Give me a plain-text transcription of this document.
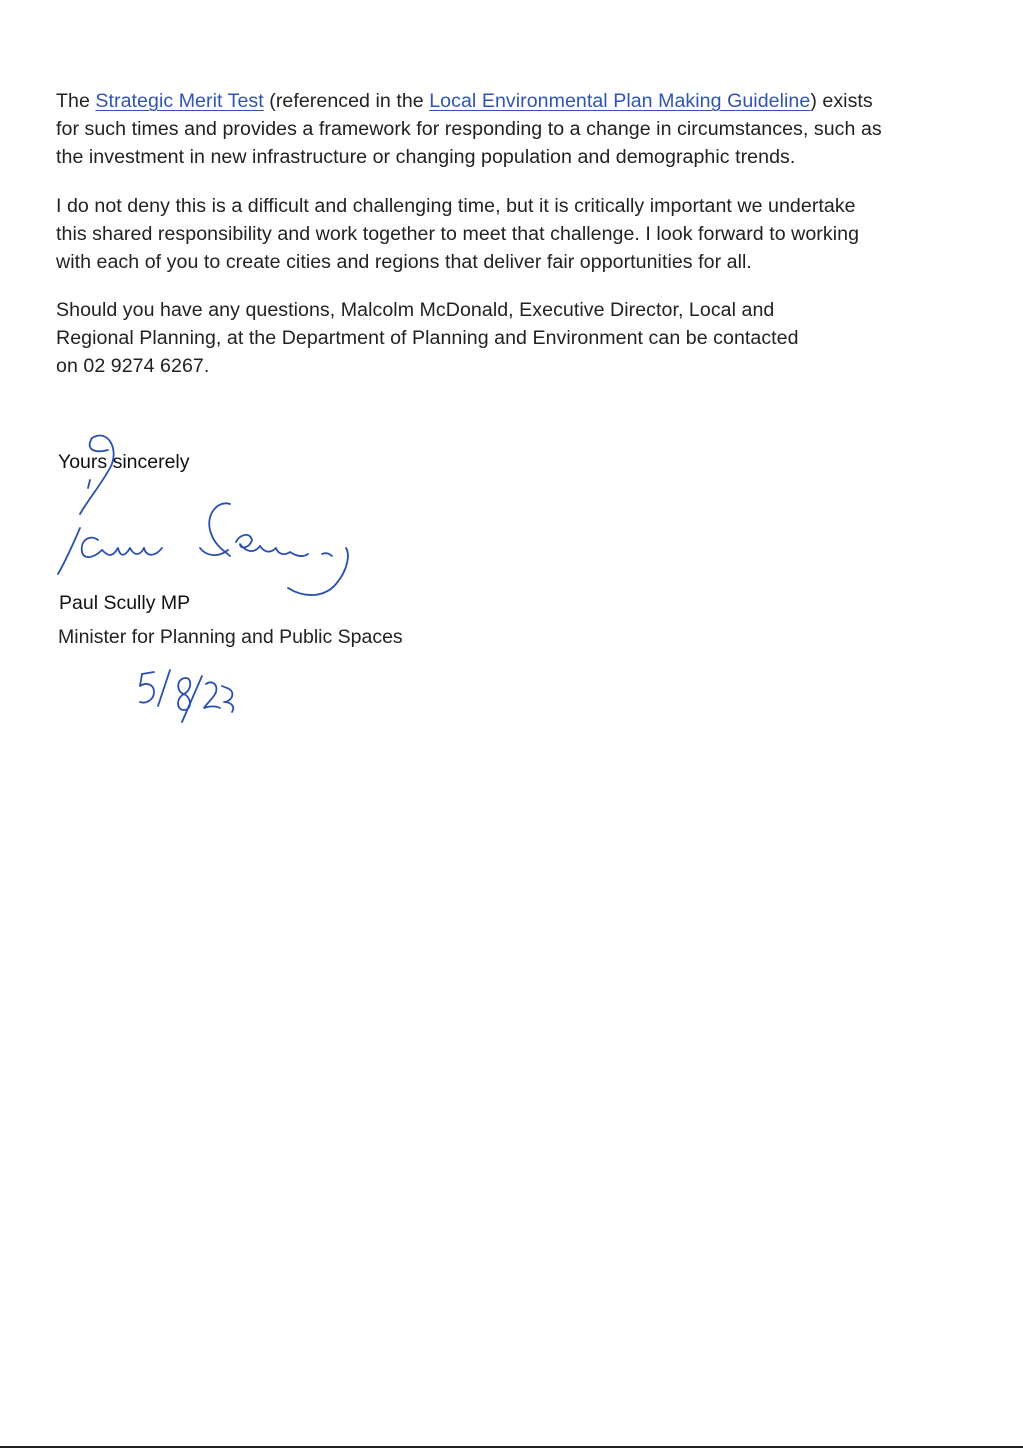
The Strategic Merit Test (referenced in the Local Environmental Plan Making Guideline) exists
for such times and provides a framework for responding to a change in circumstances, such as
the investment in new infrastructure or changing population and demographic trends.

I do not deny this is a difficult and challenging time, but it is critically important we undertake
this shared responsibility and work together to meet that challenge. I look forward to working
with each of you to create cities and regions that deliver fair opportunities for all.

Should you have any questions, Malcolm McDonald, Executive Director, Local and
Regional Planning, at the Department of Planning and Environment can be contacted
on 02 9274 6267.

Yours sincerely

Paul Scully MP

Minister for Planning and Public Spaces
